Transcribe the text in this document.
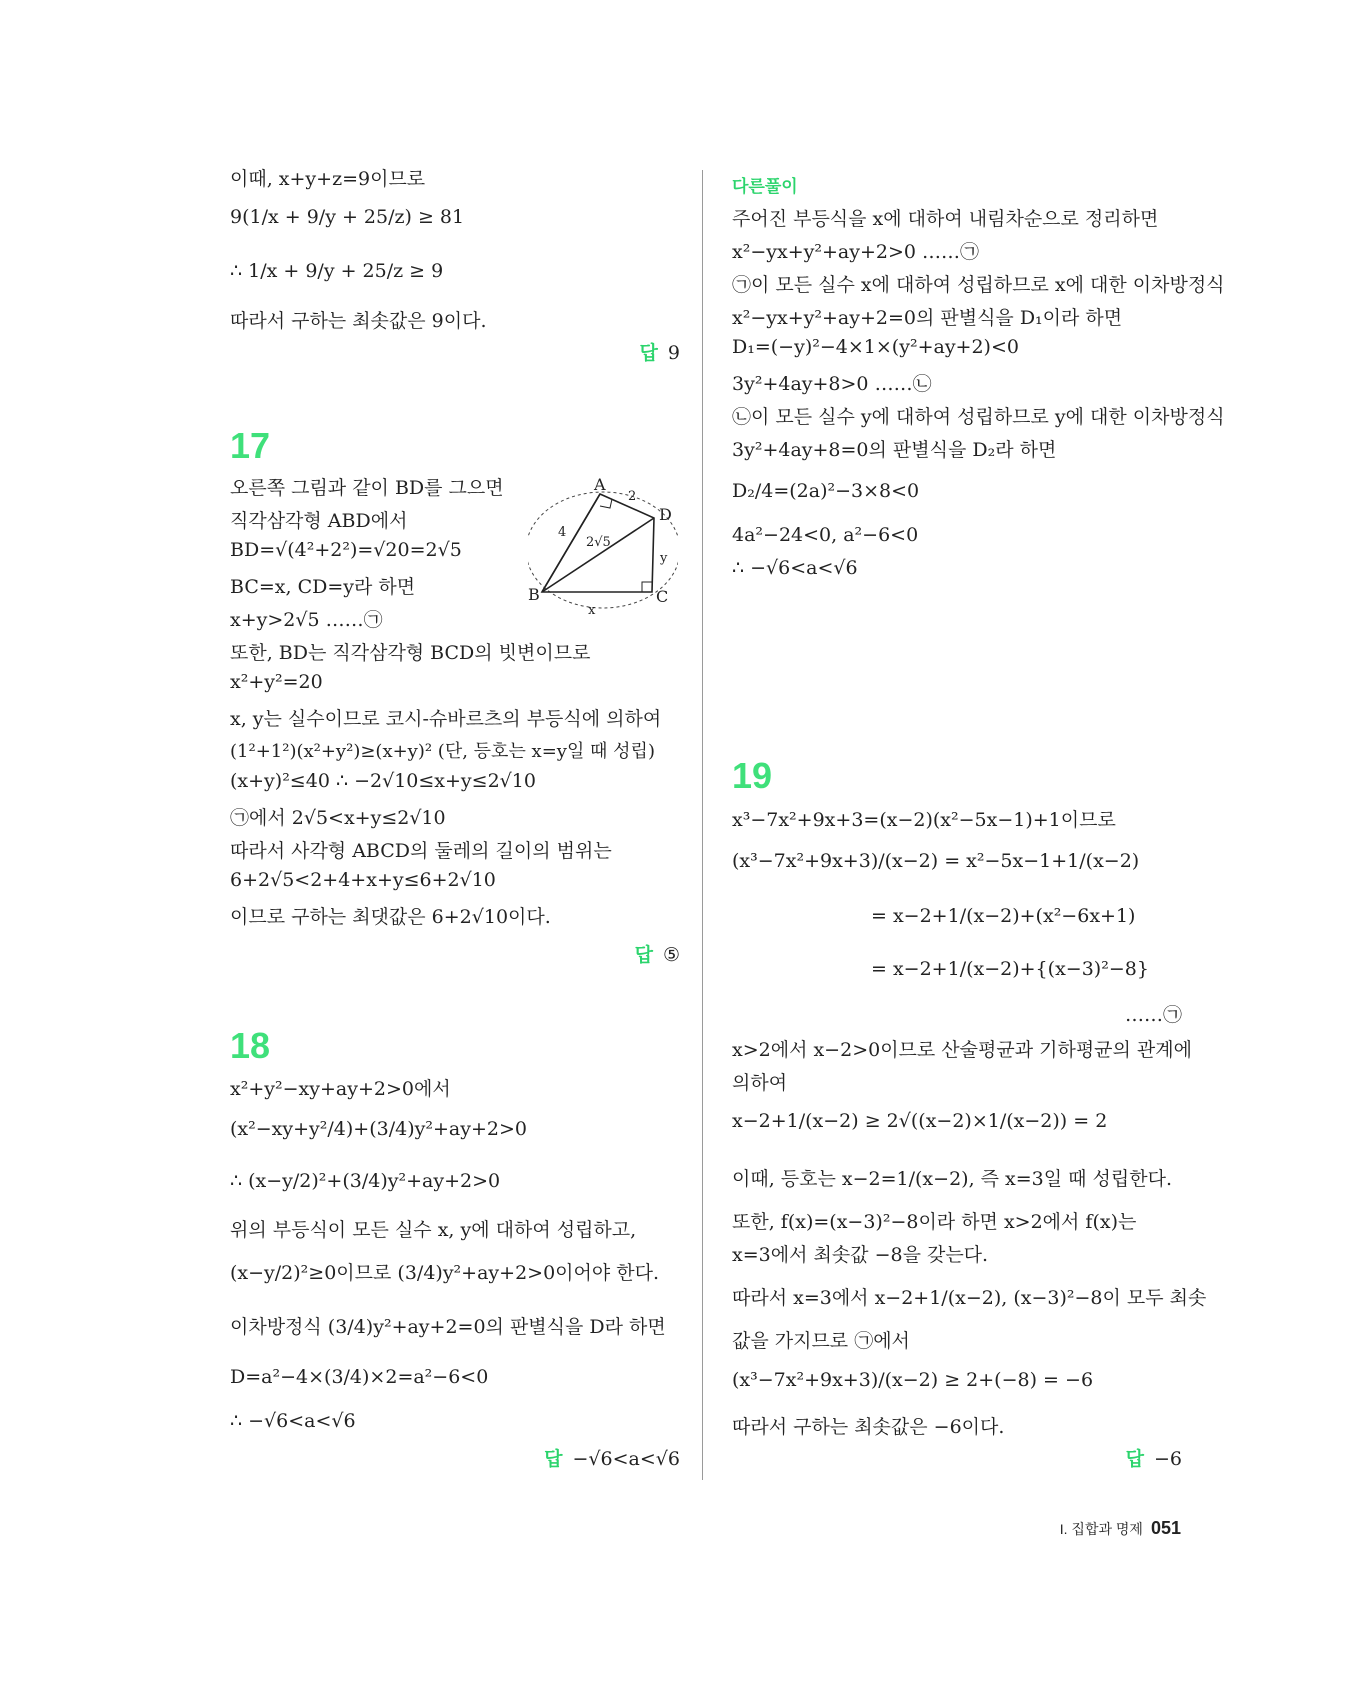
이때, x+y+z=9이므로
9(1/x + 9/y + 25/z) ≥ 81
∴ 1/x + 9/y + 25/z ≥ 9
따라서 구하는 최솟값은 9이다.
답 9
17
오른쪽 그림과 같이 BD를 그으면
직각삼각형 ABD에서
BD=√(4²+2²)=√20=2√5
BC=x, CD=y라 하면
x+y>2√5 ……㉠
또한, BD는 직각삼각형 BCD의 빗변이므로
x²+y²=20
x, y는 실수이므로 코시-슈바르츠의 부등식에 의하여
(1²+1²)(x²+y²)≥(x+y)² (단, 등호는 x=y일 때 성립)
(x+y)²≤40 ∴ −2√10≤x+y≤2√10
㉠에서 2√5<x+y≤2√10
따라서 사각형 ABCD의 둘레의 길이의 범위는
6+2√5<2+4+x+y≤6+2√10
이므로 구하는 최댓값은 6+2√10이다.
답 ⑤
18
x²+y²−xy+ay+2>0에서
(x²−xy+y²/4)+(3/4)y²+ay+2>0
∴ (x−y/2)²+(3/4)y²+ay+2>0
위의 부등식이 모든 실수 x, y에 대하여 성립하고,
(x−y/2)²≥0이므로 (3/4)y²+ay+2>0이어야 한다.
이차방정식 (3/4)y²+ay+2=0의 판별식을 D라 하면
D=a²−4×(3/4)×2=a²−6<0
∴ −√6<a<√6
답 −√6<a<√6
A
B	C
D
2
4
2√5
x
y
다른풀이
주어진 부등식을 x에 대하여 내림차순으로 정리하면
x²−yx+y²+ay+2>0 ……㉠
㉠이 모든 실수 x에 대하여 성립하므로 x에 대한 이차방정식
x²−yx+y²+ay+2=0의 판별식을 D₁이라 하면
D₁=(−y)²−4×1×(y²+ay+2)<0
3y²+4ay+8>0 ……㉡
㉡이 모든 실수 y에 대하여 성립하므로 y에 대한 이차방정식
3y²+4ay+8=0의 판별식을 D₂라 하면
D₂/4=(2a)²−3×8<0
4a²−24<0, a²−6<0
∴ −√6<a<√6
19
x³−7x²+9x+3=(x−2)(x²−5x−1)+1이므로
(x³−7x²+9x+3)/(x−2) = x²−5x−1+1/(x−2)
= x−2+1/(x−2)+(x²−6x+1)
= x−2+1/(x−2)+{(x−3)²−8}
……㉠
x>2에서 x−2>0이므로 산술평균과 기하평균의 관계에
의하여
x−2+1/(x−2) ≥ 2√((x−2)×1/(x−2)) = 2
이때, 등호는 x−2=1/(x−2), 즉 x=3일 때 성립한다.
또한, f(x)=(x−3)²−8이라 하면 x>2에서 f(x)는
x=3에서 최솟값 −8을 갖는다.
따라서 x=3에서 x−2+1/(x−2), (x−3)²−8이 모두 최솟
값을 가지므로 ㉠에서
(x³−7x²+9x+3)/(x−2) ≥ 2+(−8) = −6
따라서 구하는 최솟값은 −6이다.
답 −6
I. 집합과 명제 051
